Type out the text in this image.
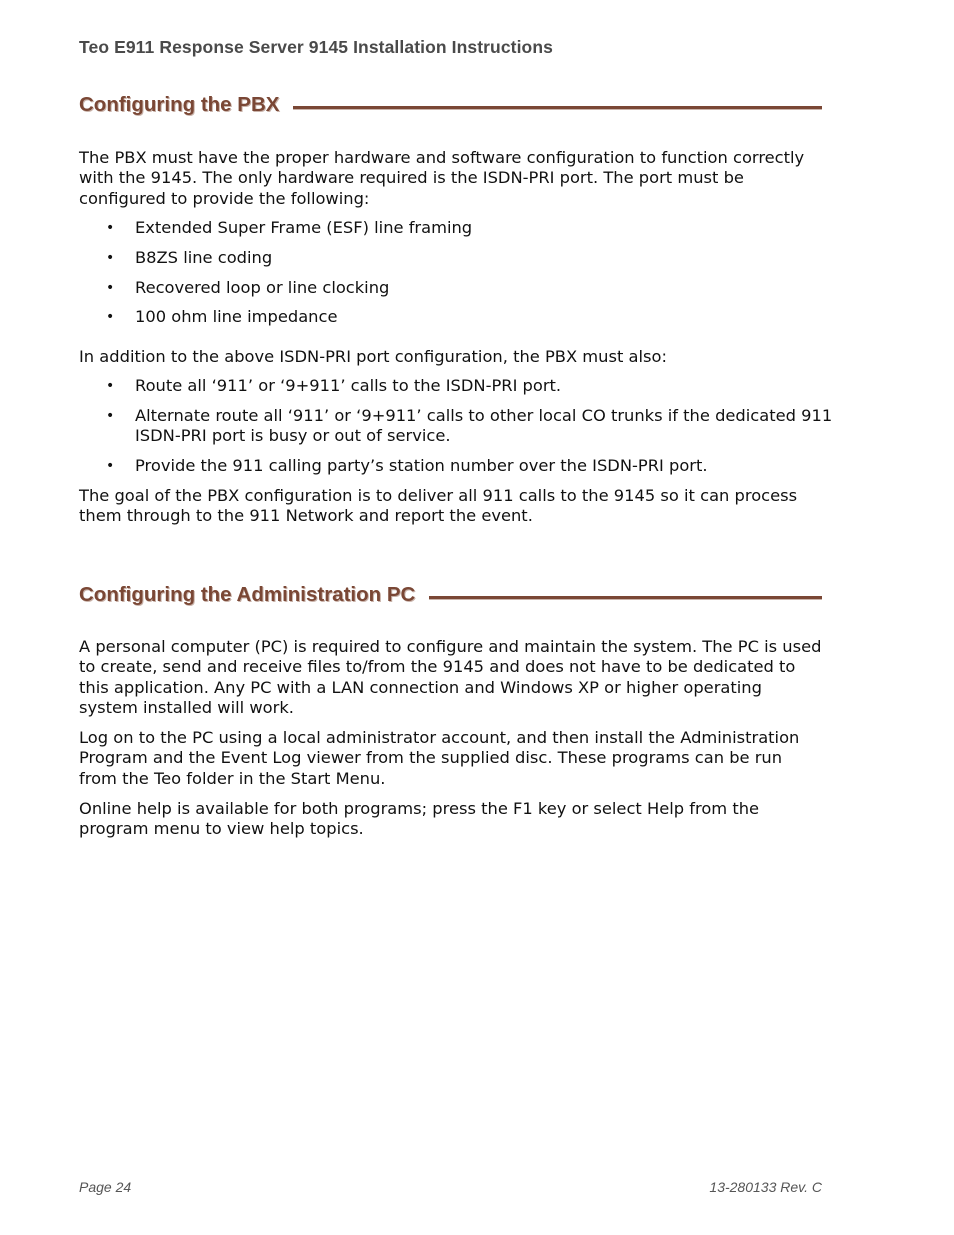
Teo E911 Response Server 9145 Installation Instructions
Configuring the PBX

The PBX must have the proper hardware and software configuration to function correctly with the 9145. The only hardware required is the ISDN-PRI port. The port must be configured to provide the following:

• Extended Super Frame (ESF) line framing
• B8ZS line coding
• Recovered loop or line clocking
• 100 ohm line impedance

In addition to the above ISDN-PRI port configuration, the PBX must also:

• Route all ‘911’ or ‘9+911’ calls to the ISDN-PRI port.
• Alternate route all ‘911’ or ‘9+911’ calls to other local CO trunks if the dedicated 911 ISDN-PRI port is busy or out of service.
• Provide the 911 calling party’s station number over the ISDN-PRI port.

The goal of the PBX configuration is to deliver all 911 calls to the 9145 so it can process them through to the 911 Network and report the event.

Configuring the Administration PC

A personal computer (PC) is required to configure and maintain the system. The PC is used to create, send and receive files to/from the 9145 and does not have to be dedicated to this application. Any PC with a LAN connection and Windows XP or higher operating system installed will work.

Log on to the PC using a local administrator account, and then install the Administration Program and the Event Log viewer from the supplied disc. These programs can be run from the Teo folder in the Start Menu.

Online help is available for both programs; press the F1 key or select Help from the program menu to view help topics.

Page 24	13-280133 Rev. C
